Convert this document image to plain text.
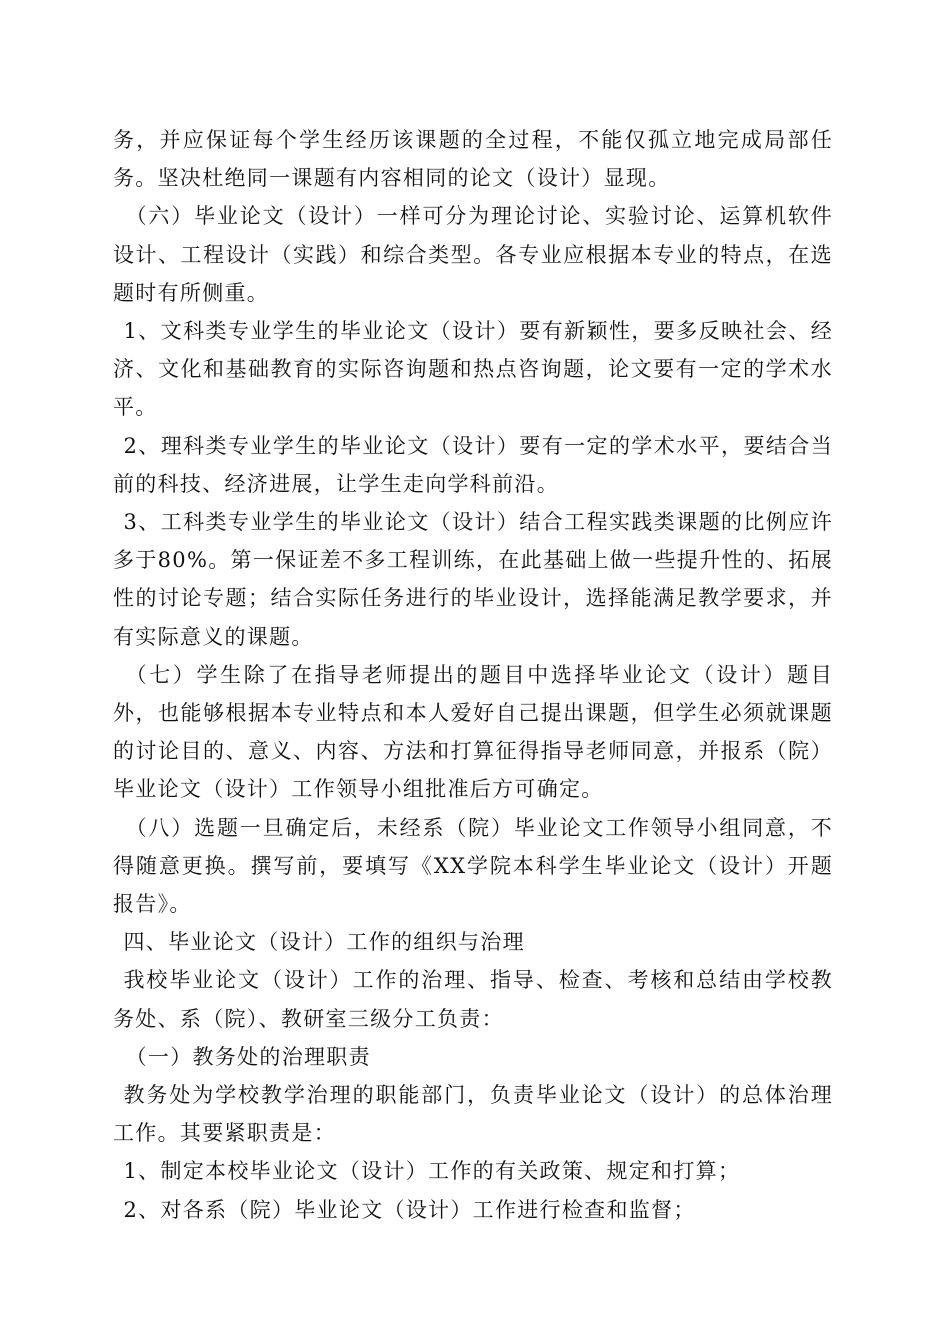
务，并应保证每个学生经历该课题的全过程，不能仅孤立地完成局部任务。坚决杜绝同一课题有内容相同的论文（设计）显现。

（六）毕业论文（设计）一样可分为理论讨论、实验讨论、运算机软件设计、工程设计（实践）和综合类型。各专业应根据本专业的特点，在选题时有所侧重。

1、文科类专业学生的毕业论文（设计）要有新颖性，要多反映社会、经济、文化和基础教育的实际咨询题和热点咨询题，论文要有一定的学术水平。

2、理科类专业学生的毕业论文（设计）要有一定的学术水平，要结合当前的科技、经济进展，让学生走向学科前沿。

3、工科类专业学生的毕业论文（设计）结合工程实践类课题的比例应许多于80%。第一保证差不多工程训练，在此基础上做一些提升性的、拓展性的讨论专题；结合实际任务进行的毕业设计，选择能满足教学要求，并有实际意义的课题。

（七）学生除了在指导老师提出的题目中选择毕业论文（设计）题目外，也能够根据本专业特点和本人爱好自己提出课题，但学生必须就课题的讨论目的、意义、内容、方法和打算征得指导老师同意，并报系（院）毕业论文（设计）工作领导小组批准后方可确定。

（八）选题一旦确定后，未经系（院）毕业论文工作领导小组同意，不得随意更换。撰写前，要填写《XX学院本科学生毕业论文（设计）开题报告》。

四、毕业论文（设计）工作的组织与治理

我校毕业论文（设计）工作的治理、指导、检查、考核和总结由学校教务处、系（院）、教研室三级分工负责：

（一）教务处的治理职责

教务处为学校教学治理的职能部门，负责毕业论文（设计）的总体治理工作。其要紧职责是：

1、制定本校毕业论文（设计）工作的有关政策、规定和打算；

2、对各系（院）毕业论文（设计）工作进行检查和监督；
